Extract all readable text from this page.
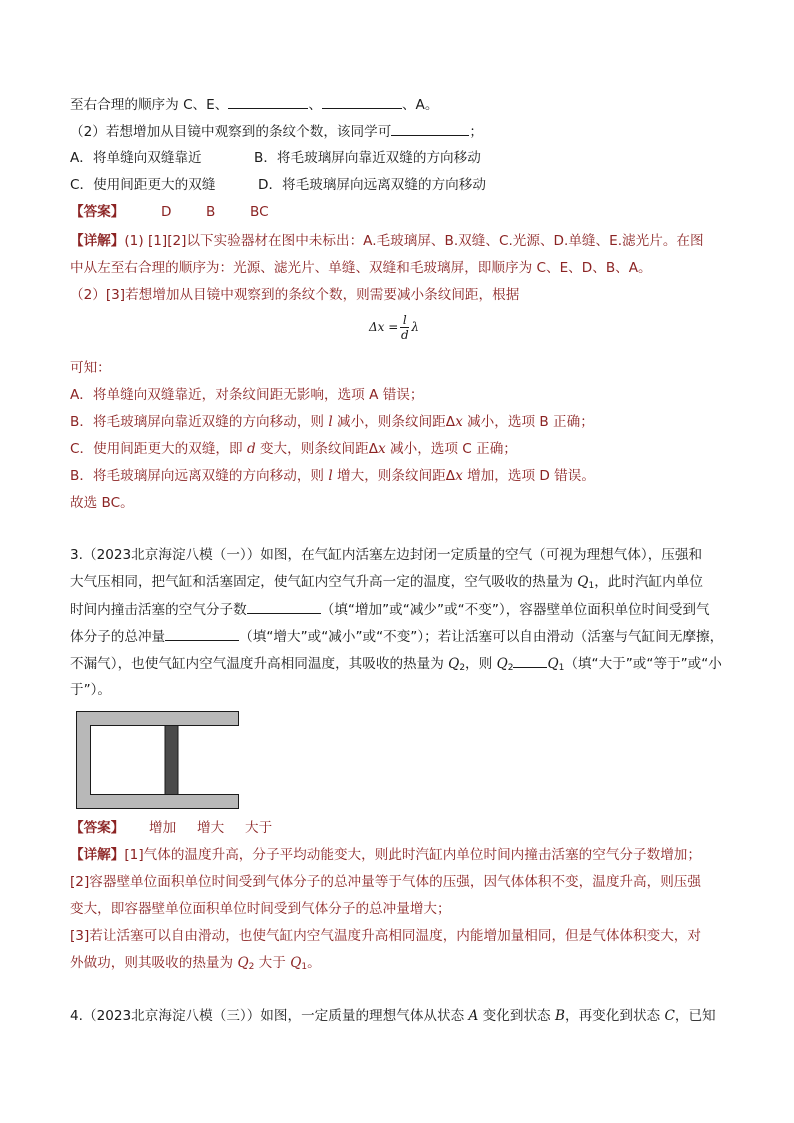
至右合理的顺序为 C、E、	、	、A。
（2）若想增加从目镜中观察到的条纹个数，该同学可	；
A．将单缝向双缝靠近	B．将毛玻璃屏向靠近双缝的方向移动
C．使用间距更大的双缝	D．将毛玻璃屏向远离双缝的方向移动
【答案】	D	B	BC
【详解】(1) [1][2]以下实验器材在图中未标出：A.毛玻璃屏、B.双缝、C.光源、D.单缝、E.滤光片。在图
中从左至右合理的顺序为：光源、滤光片、单缝、双缝和毛玻璃屏，即顺序为 C、E、D、B、A。
（2）[3]若想增加从目镜中观察到的条纹个数，则需要减小条纹间距，根据
$\Delta x = \frac{l}{d}$ λ
可知：
A．将单缝向双缝靠近，对条纹间距无影响，选项 A 错误；
B．将毛玻璃屏向靠近双缝的方向移动，则 l 减小，则条纹间距Δx 减小，选项 B 正确；
C．使用间距更大的双缝，即 d 变大，则条纹间距Δx 减小，选项 C 正确；
B．将毛玻璃屏向远离双缝的方向移动，则 l 增大，则条纹间距Δx 增加，选项 D 错误。
故选 BC。
3.（2023北京海淀八模（一））如图，在气缸内活塞左边封闭一定质量的空气（可视为理想气体），压强和
大气压相同，把气缸和活塞固定，使气缸内空气升高一定的温度，空气吸收的热量为 $Q_1$，此时汽缸内单位
时间内撞击活塞的空气分子数	（填“增加”或“减少”或“不变”），容器壁单位面积单位时间受到气
体分子的总冲量	（填“增大”或“减小”或“不变”）；若让活塞可以自由滑动（活塞与气缸间无摩擦，
不漏气），也使气缸内空气温度升高相同温度，其吸收的热量为 $Q_2$，则 $Q_2$	$Q_1$（填“大于”或“等于”或“小
于”）。
【答案】 增加 增大 大于
【详解】[1]气体的温度升高，分子平均动能变大，则此时汽缸内单位时间内撞击活塞的空气分子数增加；
[2]容器壁单位面积单位时间受到气体分子的总冲量等于气体的压强，因气体体积不变，温度升高，则压强
变大，即容器壁单位面积单位时间受到气体分子的总冲量增大；
[3]若让活塞可以自由滑动，也使气缸内空气温度升高相同温度，内能增加量相同，但是气体体积变大，对
外做功，则其吸收的热量为 $Q_2$ 大于 $Q_1$。
4.（2023北京海淀八模（三））如图，一定质量的理想气体从状态 A 变化到状态 B，再变化到状态 C，已知
